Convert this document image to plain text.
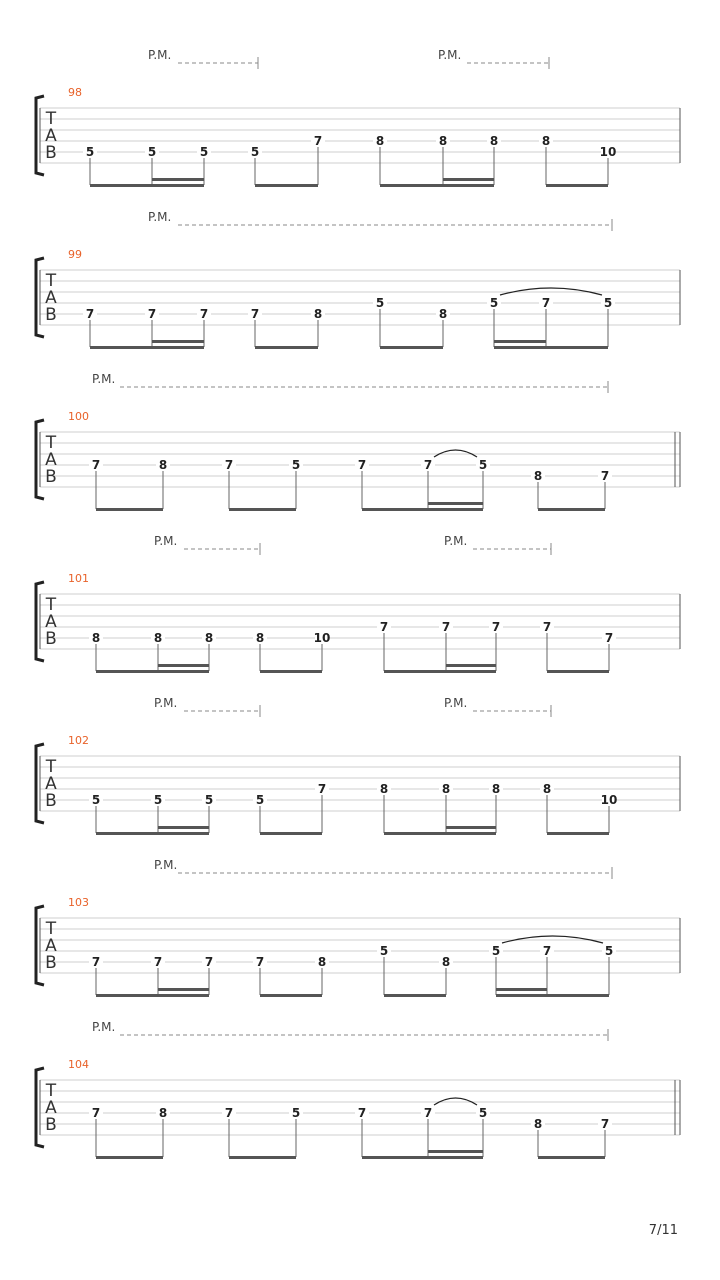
T
A
B
98
P.M.	P.M.
5	5	5	5
7	8	8	8	8
10
T
A
B
99
P.M.
7	7	7	7	8
5
8
5	7	5
T
A
B
100
P.M.
7	8	7	5	7	7	5
8	7
T
A
B
101
P.M.	P.M.
8	8	8	8	10
7	7	7	7
7
T
A
B
102
P.M.	P.M.
5	5	5	5
7	8	8	8	8
10
T
A
B
103
P.M.
7	7	7	7	8
5
8
5	7	5
T
A
B
104
P.M.
7	8	7	5	7	7	5
8	7
7/11
